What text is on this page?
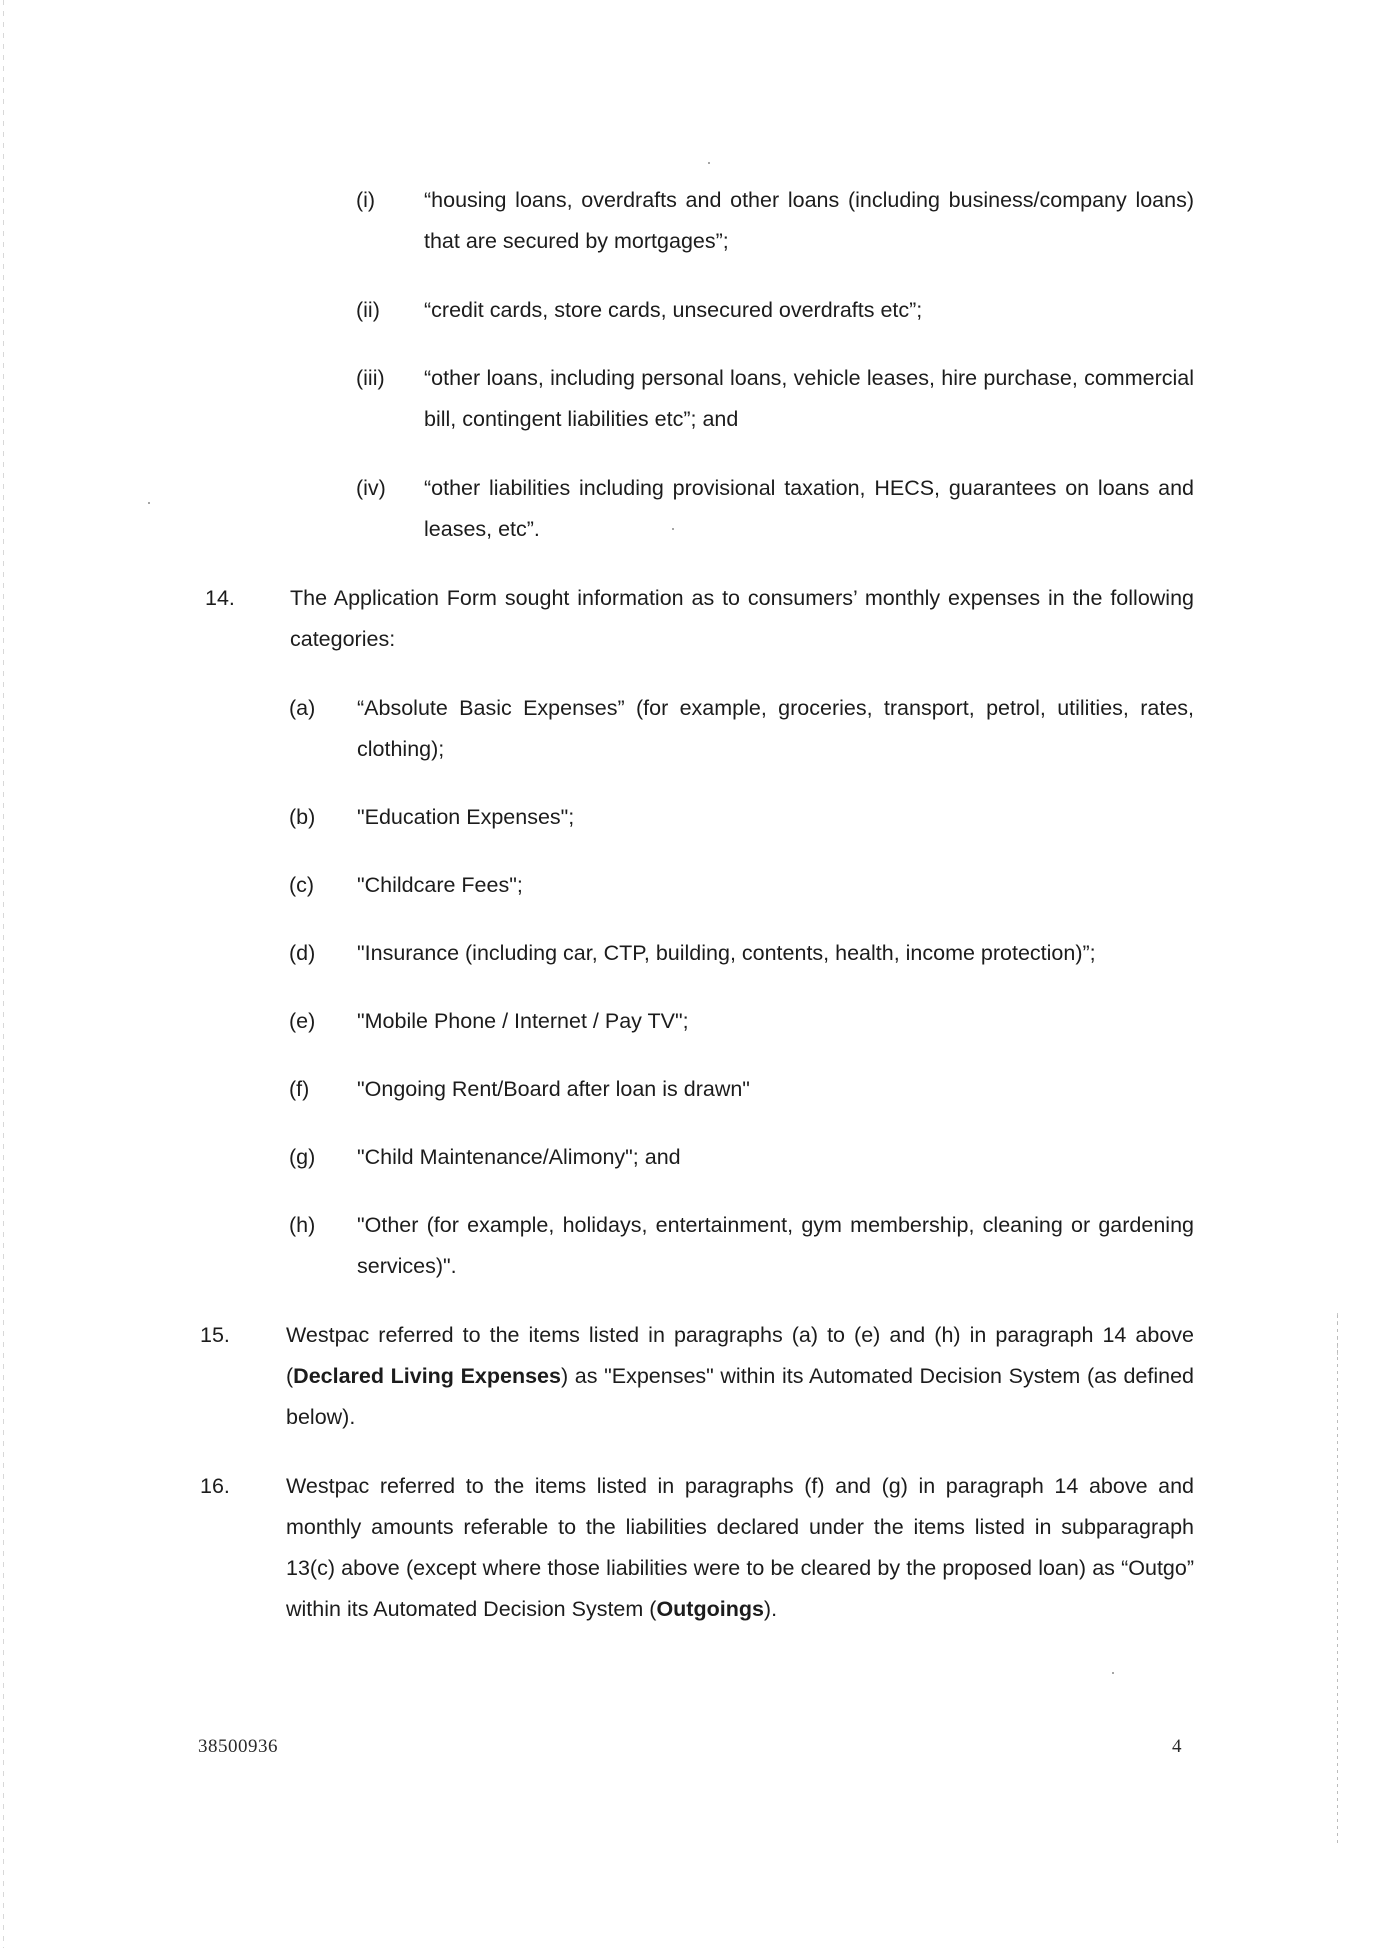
(i) “housing loans, overdrafts and other loans (including business/company loans) that are secured by mortgages”;
(ii) “credit cards, store cards, unsecured overdrafts etc”;
(iii) “other loans, including personal loans, vehicle leases, hire purchase, commercial bill, contingent liabilities etc”; and
(iv) “other liabilities including provisional taxation, HECS, guarantees on loans and leases, etc”.
14.	The Application Form sought information as to consumers’ monthly expenses in the following categories:
(a) “Absolute Basic Expenses” (for example, groceries, transport, petrol, utilities, rates, clothing);
(b) "Education Expenses";
(c) "Childcare Fees";
(d) "Insurance (including car, CTP, building, contents, health, income protection)”;
(e) "Mobile Phone / Internet / Pay TV";
(f) "Ongoing Rent/Board after loan is drawn"
(g) "Child Maintenance/Alimony"; and
(h) "Other (for example, holidays, entertainment, gym membership, cleaning or gardening services)".
15.	Westpac referred to the items listed in paragraphs (a) to (e) and (h) in paragraph 14 above (Declared Living Expenses) as "Expenses" within its Automated Decision System (as defined below).
16.	Westpac referred to the items listed in paragraphs (f) and (g) in paragraph 14 above and monthly amounts referable to the liabilities declared under the items listed in subparagraph 13(c) above (except where those liabilities were to be cleared by the proposed loan) as “Outgo” within its Automated Decision System (Outgoings).
38500936	4
